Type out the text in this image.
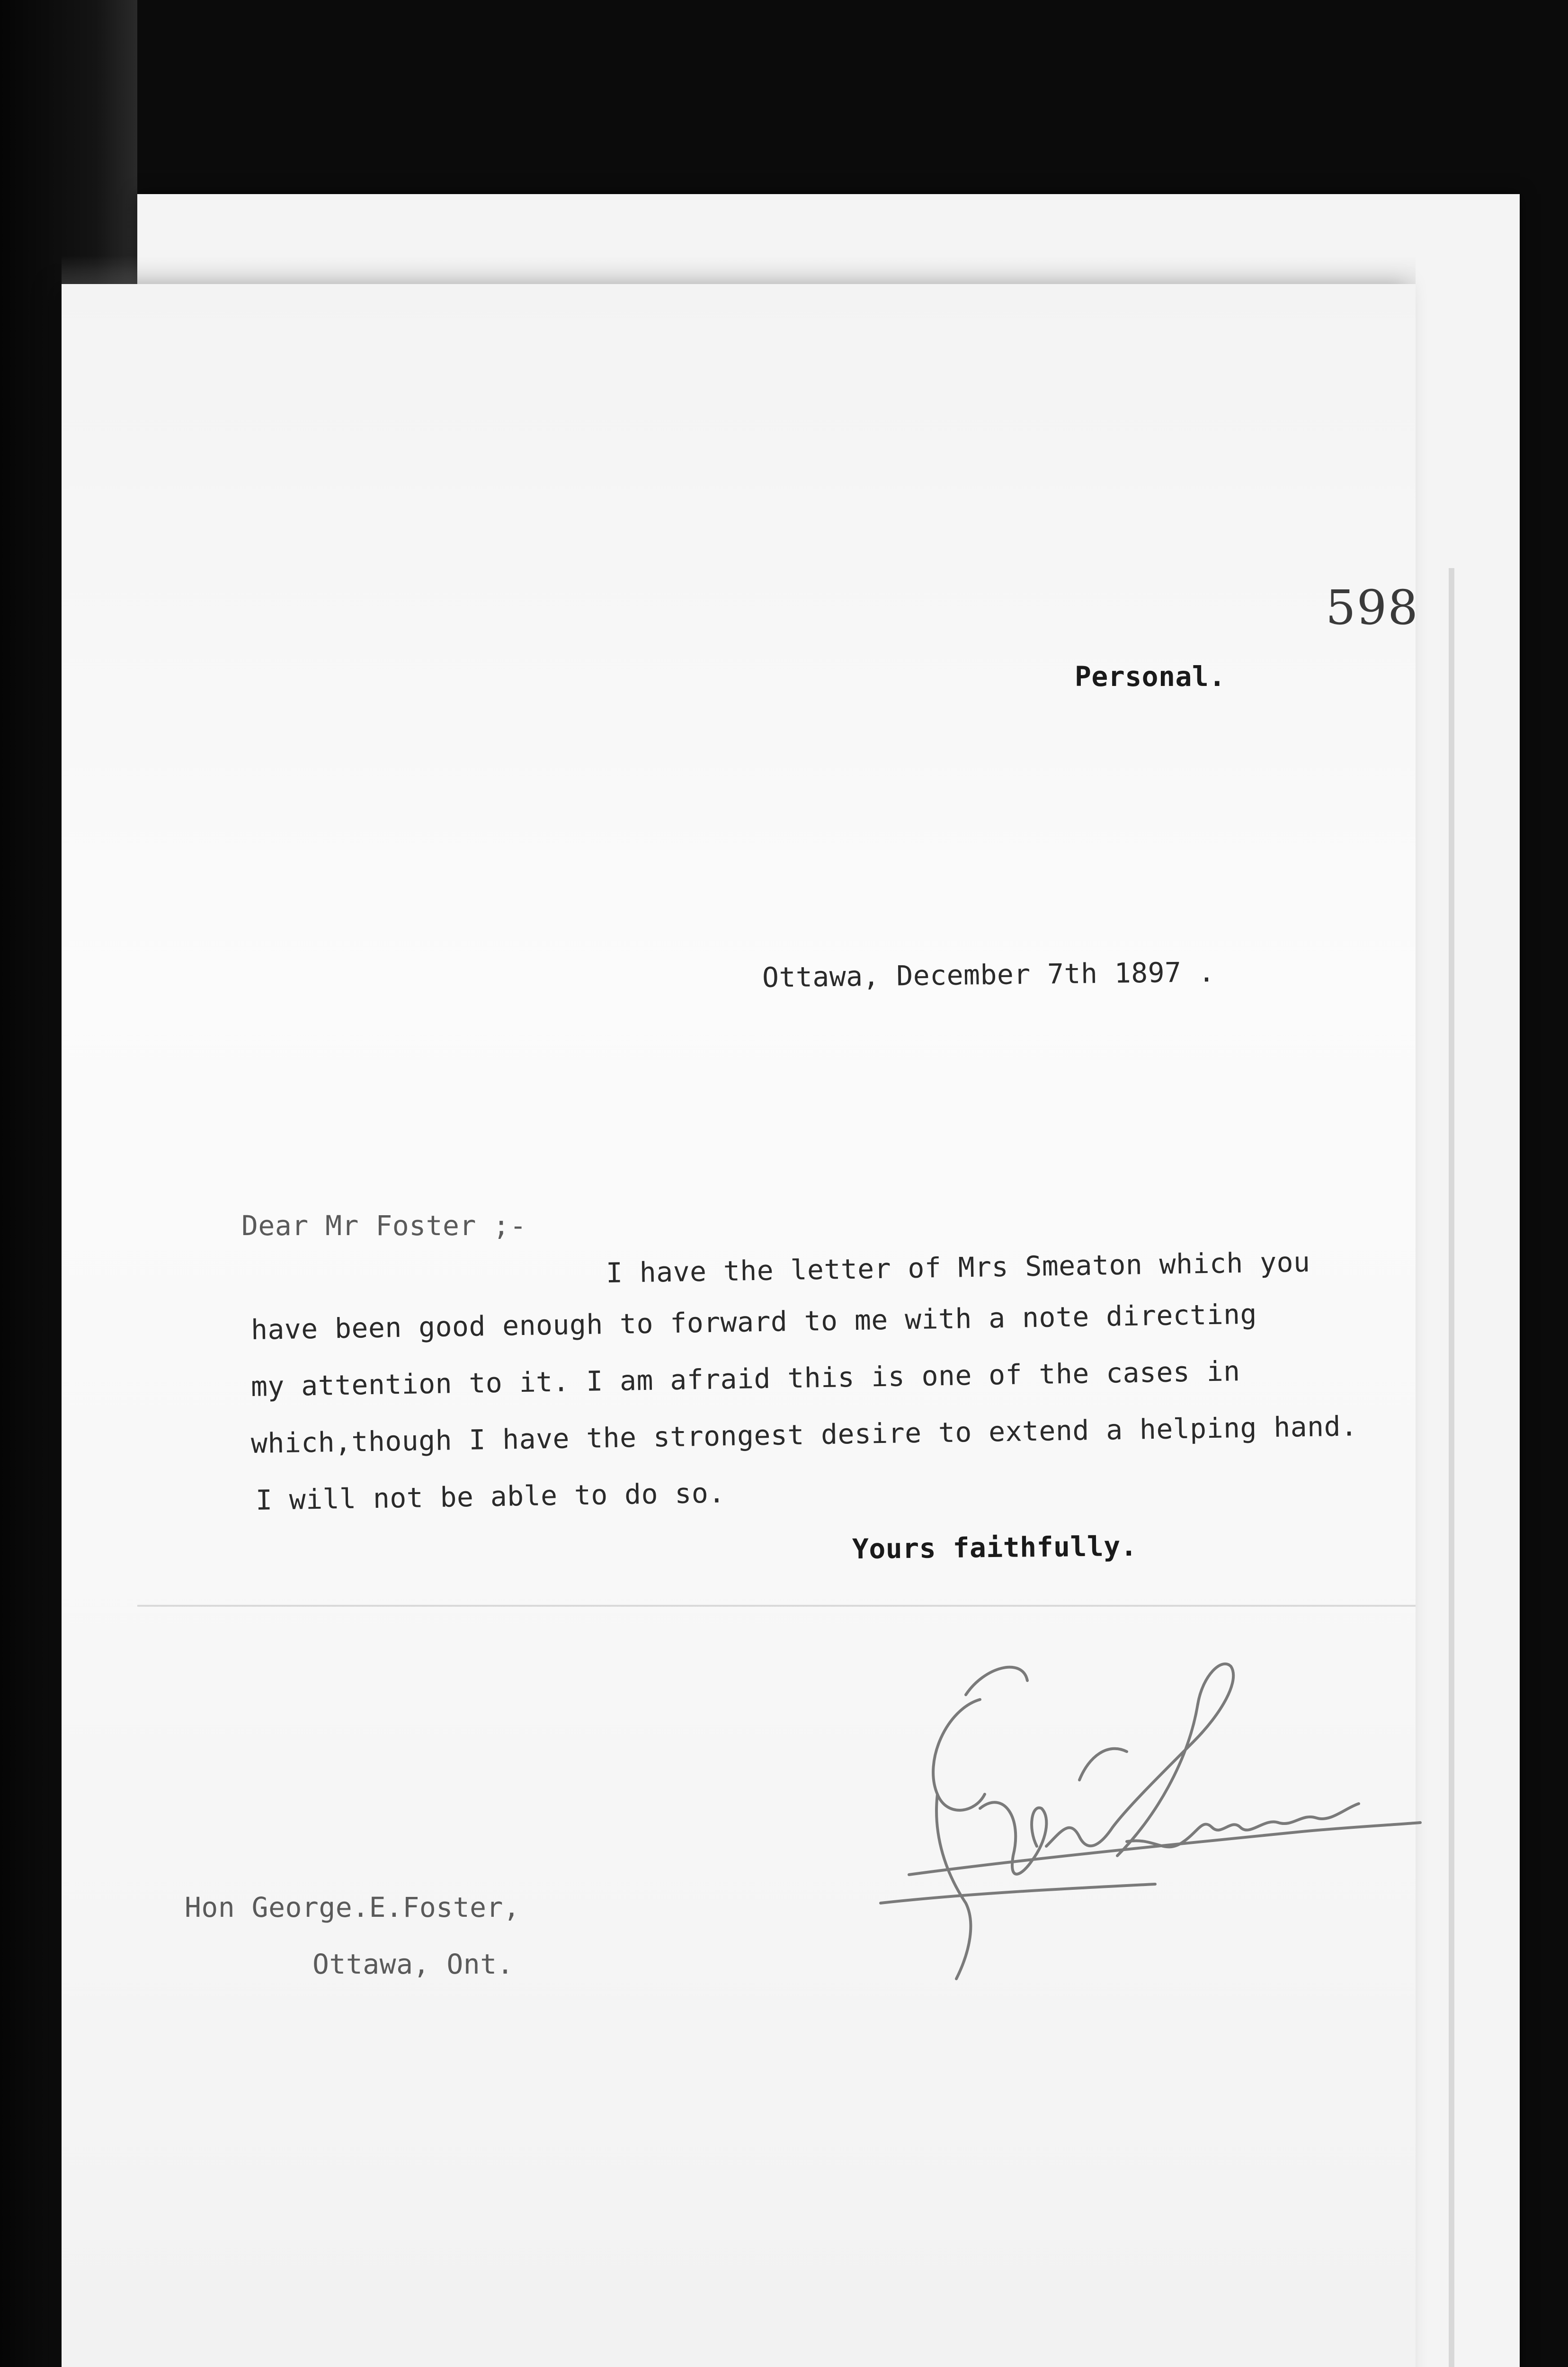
598
Personal.
Ottawa, December 7th 1897 .
Dear Mr Foster ;-
I have the letter of Mrs Smeaton which you
have been good enough to forward to me with a note directing
my attention to it. I am afraid this is one of the cases in
which,though I have the strongest desire to extend a helping hand.
I will not be able to do so.
Yours faithfully.
Hon George.E.Foster,
Ottawa, Ont.
